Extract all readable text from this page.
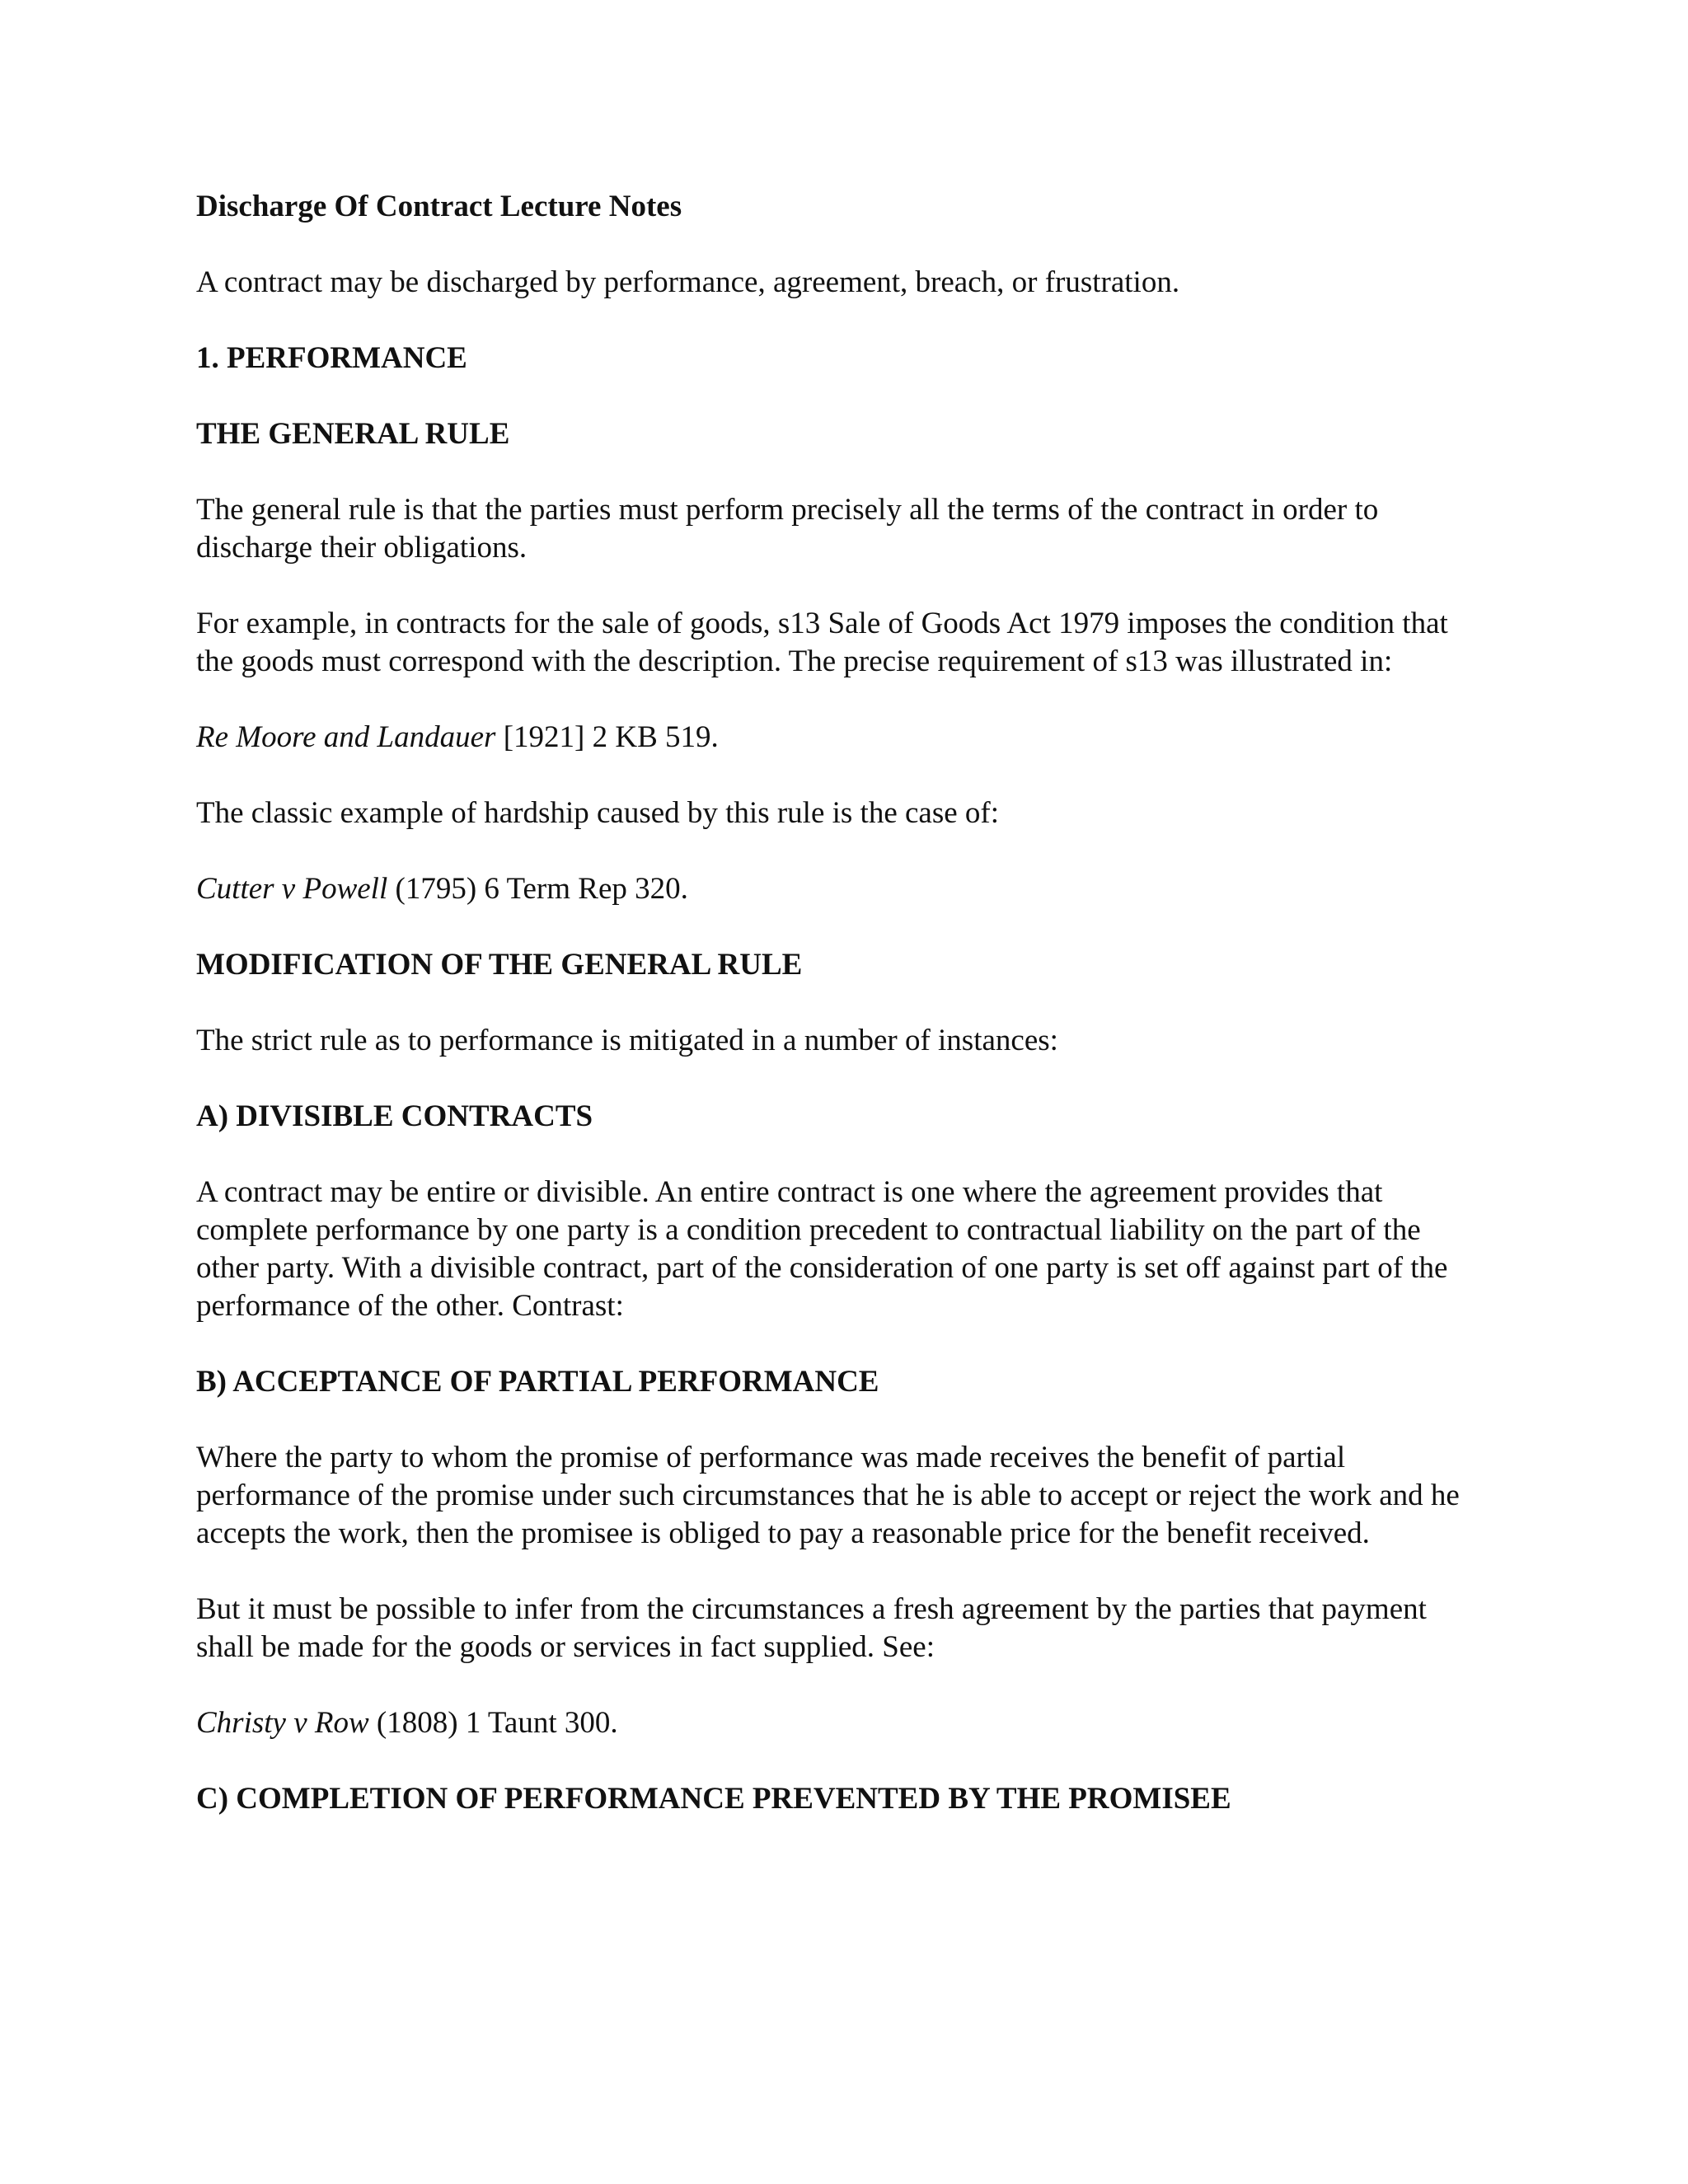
Discharge Of Contract Lecture Notes

A contract may be discharged by performance, agreement, breach, or frustration.

1. PERFORMANCE

THE GENERAL RULE

The general rule is that the parties must perform precisely all the terms of the contract in order to discharge their obligations.

For example, in contracts for the sale of goods, s13 Sale of Goods Act 1979 imposes the condition that the goods must correspond with the description. The precise requirement of s13 was illustrated in:

Re Moore and Landauer [1921] 2 KB 519.

The classic example of hardship caused by this rule is the case of:

Cutter v Powell (1795) 6 Term Rep 320.

MODIFICATION OF THE GENERAL RULE

The strict rule as to performance is mitigated in a number of instances:

A) DIVISIBLE CONTRACTS

A contract may be entire or divisible. An entire contract is one where the agreement provides that complete performance by one party is a condition precedent to contractual liability on the part of the other party. With a divisible contract, part of the consideration of one party is set off against part of the performance of the other. Contrast:

B) ACCEPTANCE OF PARTIAL PERFORMANCE

Where the party to whom the promise of performance was made receives the benefit of partial performance of the promise under such circumstances that he is able to accept or reject the work and he accepts the work, then the promisee is obliged to pay a reasonable price for the benefit received.

But it must be possible to infer from the circumstances a fresh agreement by the parties that payment shall be made for the goods or services in fact supplied. See:

Christy v Row (1808) 1 Taunt 300.

C) COMPLETION OF PERFORMANCE PREVENTED BY THE PROMISEE
